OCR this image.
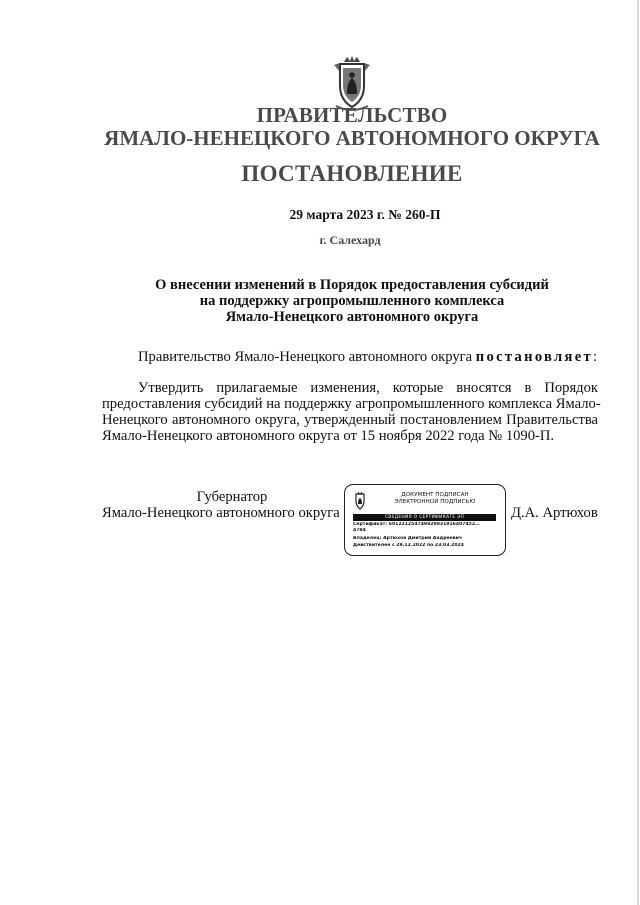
ПРАВИТЕЛЬСТВО
ЯМАЛО-НЕНЕЦКОГО АВТОНОМНОГО ОКРУГА
ПОСТАНОВЛЕНИЕ
29 марта 2023 г. № 260-П
г. Салехард
О внесении изменений в Порядок предоставления субсидий
на поддержку агропромышленного комплекса
Ямало-Ненецкого автономного округа
Правительство Ямало-Ненецкого автономного округа постановляет:
Утвердить прилагаемые изменения, которые вносятся в Порядок
предоставления субсидий на поддержку агропромышленного комплекса Ямало-
Ненецкого автономного округа, утвержденный постановлением Правительства
Ямало-Ненецкого автономного округа от 15 ноября 2022 года № 1090-П.
Губернатор
Ямало-Ненецкого автономного округа
ДОКУМЕНТ ПОДПИСАН
ЭЛЕКТРОННОЙ ПОДПИСЬЮ
СВЕДЕНИЯ О СЕРТИФИКАТЕ ЭП
Сертификат: 601221254749829831916407452…
4784
Владелец: Артюхов Дмитрий Андреевич
Действителен с 29.12.2022 по 23.03.2024
Д.А. Артюхов
